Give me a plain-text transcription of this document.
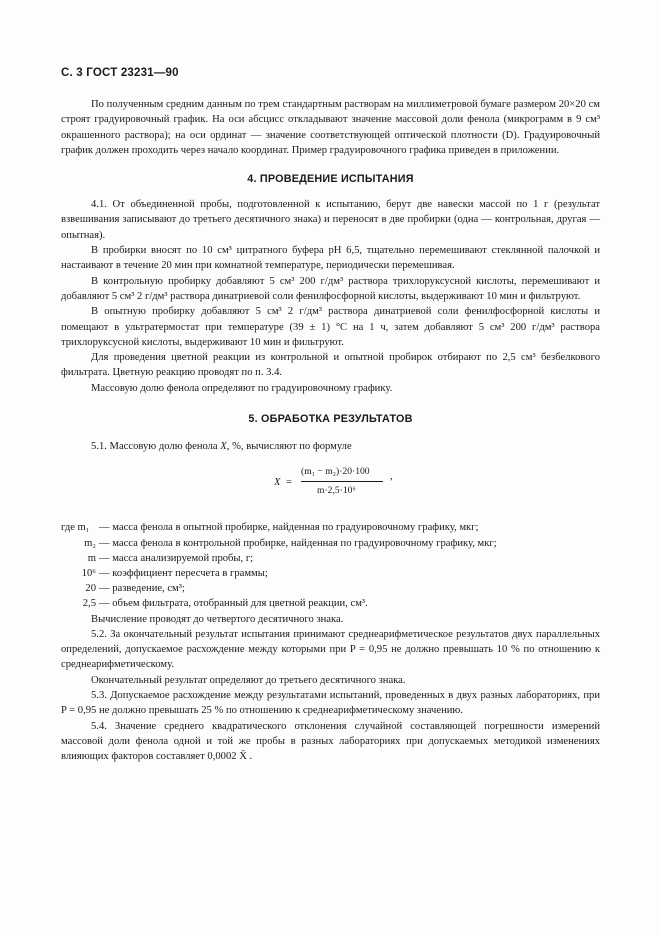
С. 3 ГОСТ 23231—90

По полученным средним данным по трем стандартным растворам на миллиметровой бумаге размером 20×20 см строят градуировочный график. На оси абсцисс откладывают значение массовой доли фенола (микрограмм в 9 см³ окрашенного раствора); на оси ординат — значение соответствующей оптической плотности (D). Градуировочный график должен проходить через начало координат. Пример градуировочного графика приведен в приложении.

4. ПРОВЕДЕНИЕ ИСПЫТАНИЯ

4.1. От объединенной пробы, подготовленной к испытанию, берут две навески массой по 1 г (результат взвешивания записывают до третьего десятичного знака) и переносят в две пробирки (одна — контрольная, другая — опытная).

В пробирки вносят по 10 см³ цитратного буфера pH 6,5, тщательно перемешивают стеклянной палочкой и настаивают в течение 20 мин при комнатной температуре, периодически перемешивая.

В контрольную пробирку добавляют 5 см³ 200 г/дм³ раствора трихлоруксусной кислоты, перемешивают и добавляют 5 см³ 2 г/дм³ раствора динатриевой соли фенилфосфорной кислоты, выдерживают 10 мин и фильтруют.

В опытную пробирку добавляют 5 см³ 2 г/дм³ раствора динатриевой соли фенилфосфорной кислоты и помещают в ультратермостат при температуре (39 ± 1) °С на 1 ч, затем добавляют 5 см³ 200 г/дм³ раствора трихлоруксусной кислоты, выдерживают 10 мин и фильтруют.

Для проведения цветной реакции из контрольной и опытной пробирок отбирают по 2,5 см³ безбелкового фильтрата. Цветную реакцию проводят по п. 3.4.

Массовую долю фенола определяют по градуировочному графику.

5. ОБРАБОТКА РЕЗУЛЬТАТОВ

5.1. Массовую долю фенола X, %, вычисляют по формуле

X =
(m₁ − m₂)·20·100
m·2,5·10⁶
,
где m₁ — масса фенола в опытной пробирке, найденная по градуировочному графику, мкг;
m₂ — масса фенола в контрольной пробирке, найденная по градуировочному графику, мкг;
m — масса анализируемой пробы, г;
10⁶ — коэффициент пересчета в граммы;
20 — разведение, см³;
2,5 — объем фильтрата, отобранный для цветной реакции, см³.

Вычисление проводят до четвертого десятичного знака.

5.2. За окончательный результат испытания принимают среднеарифметическое результатов двух параллельных определений, допускаемое расхождение между которыми при P = 0,95 не должно превышать 10 % по отношению к среднеарифметическому.

Окончательный результат определяют до третьего десятичного знака.

5.3. Допускаемое расхождение между результатами испытаний, проведенных в двух разных лабораториях, при P = 0,95 не должно превышать 25 % по отношению к среднеарифметическому значению.

5.4. Значение среднего квадратического отклонения случайной составляющей погрешности измерений массовой доли фенола одной и той же пробы в разных лабораториях при допускаемых методикой изменениях влияющих факторов составляет 0,0002 X̄ .
